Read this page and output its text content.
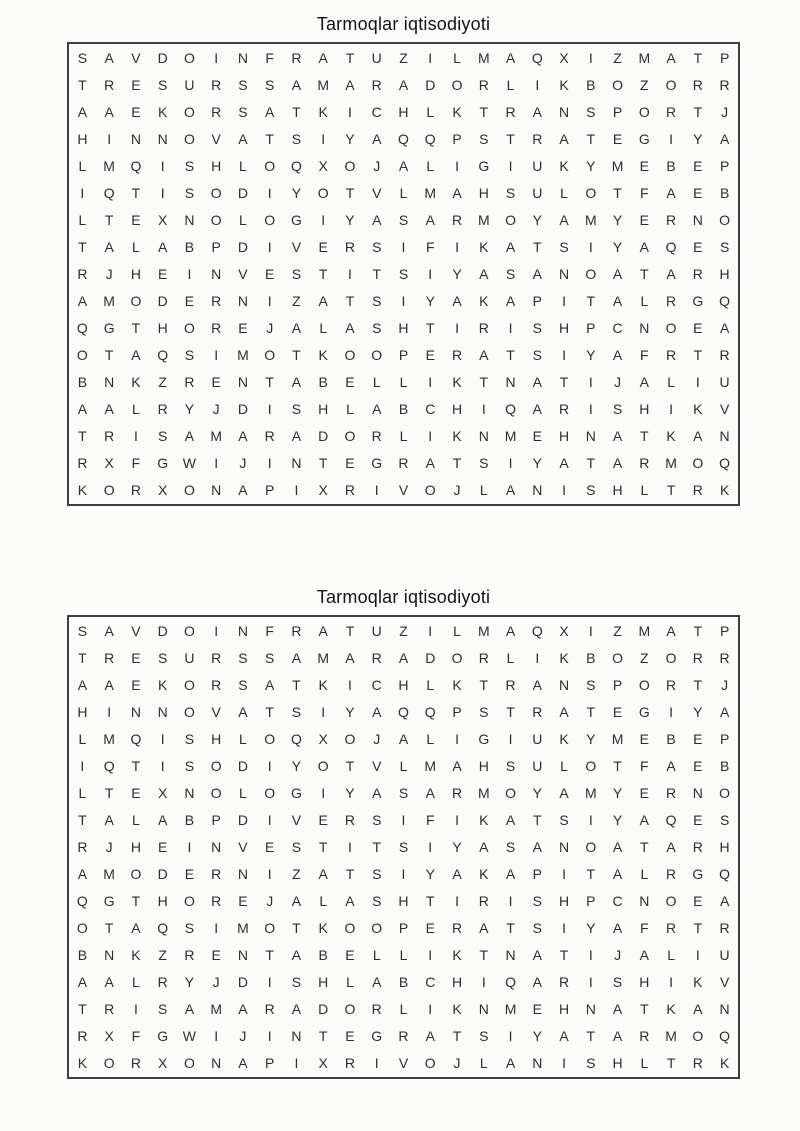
Tarmoqlar iqtisodiyoti
S	A	V	D	O	I	N	F	R	A	T	U	Z	I	L	M	A	Q	X	I	Z	M	A	T	P
T	R	E	S	U	R	S	S	A	M	A	R	A	D	O	R	L	I	K	B	O	Z	O	R	R
A	A	E	K	O	R	S	A	T	K	I	C	H	L	K	T	R	A	N	S	P	O	R	T	J
H	I	N	N	O	V	A	T	S	I	Y	A	Q	Q	P	S	T	R	A	T	E	G	I	Y	A
L	M	Q	I	S	H	L	O	Q	X	O	J	A	L	I	G	I	U	K	Y	M	E	B	E	P
I	Q	T	I	S	O	D	I	Y	O	T	V	L	M	A	H	S	U	L	O	T	F	A	E	B
L	T	E	X	N	O	L	O	G	I	Y	A	S	A	R	M	O	Y	A	M	Y	E	R	N	O
T	A	L	A	B	P	D	I	V	E	R	S	I	F	I	K	A	T	S	I	Y	A	Q	E	S
R	J	H	E	I	N	V	E	S	T	I	T	S	I	Y	A	S	A	N	O	A	T	A	R	H
A	M	O	D	E	R	N	I	Z	A	T	S	I	Y	A	K	A	P	I	T	A	L	R	G	Q
Q	G	T	H	O	R	E	J	A	L	A	S	H	T	I	R	I	S	H	P	C	N	O	E	A
O	T	A	Q	S	I	M	O	T	K	O	O	P	E	R	A	T	S	I	Y	A	F	R	T	R
B	N	K	Z	R	E	N	T	A	B	E	L	L	I	K	T	N	A	T	I	J	A	L	I	U
A	A	L	R	Y	J	D	I	S	H	L	A	B	C	H	I	Q	A	R	I	S	H	I	K	V
T	R	I	S	A	M	A	R	A	D	O	R	L	I	K	N	M	E	H	N	A	T	K	A	N
R	X	F	G	W	I	J	I	N	T	E	G	R	A	T	S	I	Y	A	T	A	R	M	O	Q
K	O	R	X	O	N	A	P	I	X	R	I	V	O	J	L	A	N	I	S	H	L	T	R	K
Tarmoqlar iqtisodiyoti
S	A	V	D	O	I	N	F	R	A	T	U	Z	I	L	M	A	Q	X	I	Z	M	A	T	P
T	R	E	S	U	R	S	S	A	M	A	R	A	D	O	R	L	I	K	B	O	Z	O	R	R
A	A	E	K	O	R	S	A	T	K	I	C	H	L	K	T	R	A	N	S	P	O	R	T	J
H	I	N	N	O	V	A	T	S	I	Y	A	Q	Q	P	S	T	R	A	T	E	G	I	Y	A
L	M	Q	I	S	H	L	O	Q	X	O	J	A	L	I	G	I	U	K	Y	M	E	B	E	P
I	Q	T	I	S	O	D	I	Y	O	T	V	L	M	A	H	S	U	L	O	T	F	A	E	B
L	T	E	X	N	O	L	O	G	I	Y	A	S	A	R	M	O	Y	A	M	Y	E	R	N	O
T	A	L	A	B	P	D	I	V	E	R	S	I	F	I	K	A	T	S	I	Y	A	Q	E	S
R	J	H	E	I	N	V	E	S	T	I	T	S	I	Y	A	S	A	N	O	A	T	A	R	H
A	M	O	D	E	R	N	I	Z	A	T	S	I	Y	A	K	A	P	I	T	A	L	R	G	Q
Q	G	T	H	O	R	E	J	A	L	A	S	H	T	I	R	I	S	H	P	C	N	O	E	A
O	T	A	Q	S	I	M	O	T	K	O	O	P	E	R	A	T	S	I	Y	A	F	R	T	R
B	N	K	Z	R	E	N	T	A	B	E	L	L	I	K	T	N	A	T	I	J	A	L	I	U
A	A	L	R	Y	J	D	I	S	H	L	A	B	C	H	I	Q	A	R	I	S	H	I	K	V
T	R	I	S	A	M	A	R	A	D	O	R	L	I	K	N	M	E	H	N	A	T	K	A	N
R	X	F	G	W	I	J	I	N	T	E	G	R	A	T	S	I	Y	A	T	A	R	M	O	Q
K	O	R	X	O	N	A	P	I	X	R	I	V	O	J	L	A	N	I	S	H	L	T	R	K
